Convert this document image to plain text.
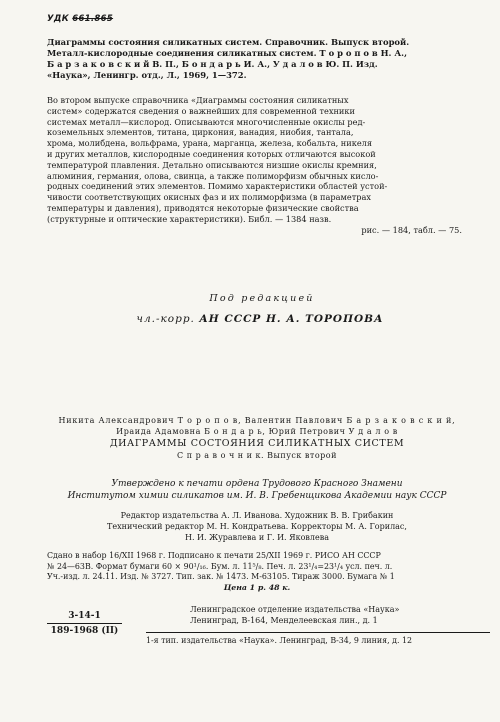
УДК 661.865
Диаграммы состояния силикатных систем. Справочник. Выпуск второй.
Металл-кислородные соединения силикатных систем. Т о р о п о в Н. А.,
Б а р з а к о в с к и й В. П., Б о н д а р ь И. А., У д а л о в Ю. П. Изд.
«Наука», Ленингр. отд., Л., 1969, 1—372.
Во втором выпуске справочника «Диаграммы состояния силикатных
систем» содержатся сведения о важнейших для современной техники
системах металл—кислород. Описываются многочисленные окислы ред-
коземельных элементов, титана, циркония, ванадия, ниобия, тантала,
хрома, молибдена, вольфрама, урана, марганца, железа, кобальта, никеля
и других металлов, кислородные соединения которых отличаются высокой
температурой плавления. Детально описываются низшие окислы кремния,
алюминия, германия, олова, свинца, а также полиморфизм обычных кисло-
родных соединений этих элементов. Помимо характеристики областей устой-
чивости соответствующих окисных фаз и их полиморфизма (в параметрах
температуры и давления), приводятся некоторые физические свойства
(структурные и оптические характеристики). Библ. — 1384 назв.
рис. — 184, табл. — 75.
Под редакцией
чл.-корр. АН СССР Н. А. ТОРОПОВА
Никита Александрович Т о р о п о в, Валентин Павлович Б а р з а к о в с к и й,
Ираида Адамовна Б о н д а р ь, Юрий Петрович У д а л о в
ДИАГРАММЫ СОСТОЯНИЯ СИЛИКАТНЫХ СИСТЕМ
С п р а в о ч н и к. Выпуск второй
Утверждено к печати ордена Трудового Красного Знамени
Институтом химии силикатов им. И. В. Гребенщикова Академии наук СССР
Редактор издательства А. Л. Иванова. Художник В. В. Грибакин
Технический редактор М. Н. Кондратьева. Корректоры М. А. Горилас,
Н. И. Журавлева и Г. И. Яковлева
Сдано в набор 16/XII 1968 г. Подписано к печати 25/XII 1969 г. РИСО АН СССР
№ 24—63В. Формат бумаги 60 × 90¹/₁₆. Бум. л. 11⁵/₈. Печ. л. 23¹/₄=23¹/₄ усл. печ. л.
Уч.-изд. л. 24.11. Изд. № 3727. Тип. зак. № 1473. М-63105. Тираж 3000. Бумага № 1
Цена 1 р. 48 к.
3-14-1
189-1968 (II)
Ленинградское отделение издательства «Наука»
Ленинград, В-164, Менделеевская лин., д. 1
1-я тип. издательства «Наука». Ленинград, В-34, 9 линия, д. 12
